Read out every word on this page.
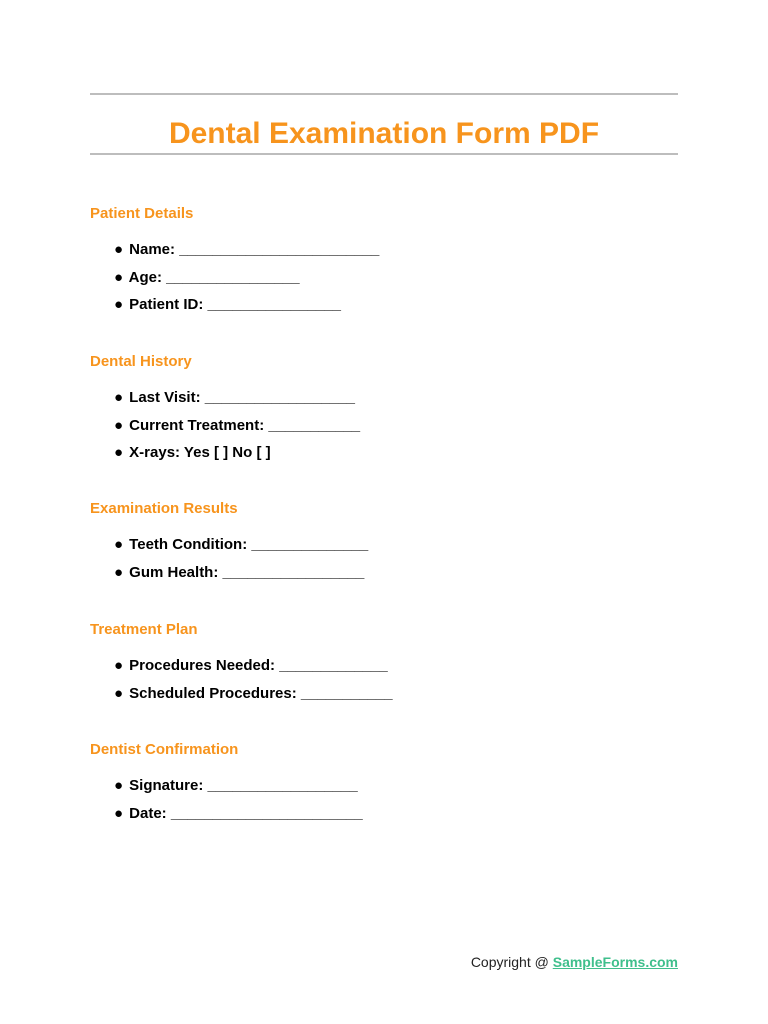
Dental Examination Form PDF
Patient Details
● Name: ________________________
● Age: ________________
● Patient ID: ________________
Dental History
● Last Visit: __________________
● Current Treatment: ___________
● X-rays: Yes [ ] No [ ]
Examination Results
● Teeth Condition: ______________
● Gum Health: _________________
Treatment Plan
● Procedures Needed: _____________
● Scheduled Procedures: ___________
Dentist Confirmation
● Signature: __________________
● Date: _______________________
Copyright @ SampleForms.com
